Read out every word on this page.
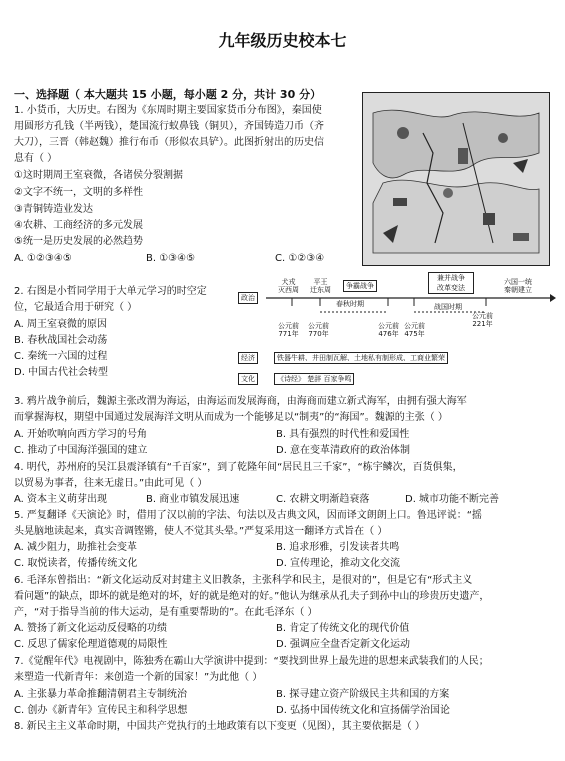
九年级历史校本七
一、选择题（ 本大题共 15 小题，每小题 2 分，共计 30 分）
1. 小货币，大历史。右图为《东周时期主要国家货币分布图》，秦国使
用圆形方孔钱（半两钱），楚国流行蚁鼻钱（铜贝），齐国铸造刀币（齐
大刀），三晋（韩赵魏）推行布币（形似农具铲）。此图折射出的历史信
息有（ ）
①这时期周王室衰微，各诸侯分裂割据
②文字不统一，文明的多样性
③青铜铸造业发达
④农耕、工商经济的多元发展
⑤统一是历史发展的必然趋势
A. ①②③④⑤	B. ①③④⑤	C. ①②③④
2. 右图是小哲同学用于大单元学习的时空定
位，它最适合用于研究（ ）
A. 周王室衰微的原因
B. 春秋战国社会动荡
C. 秦统一六国的过程
D. 中国古代社会转型
政治
经济
文化
犬戎
灭西周
平王
迁东周	争霸战争
兼并战争
改革变法
六国一统
秦朝建立
春秋时期	战国时期
公元前
771年
公元前
770年
公元前
476年
公元前
475年
公元前
221年
铁器牛耕、井田制瓦解、土地私有制形成、工商业繁荣
《诗经》 楚辞 百家争鸣
3. 鸦片战争前后，魏源主张改渭为海运，由海运而发展海商，由海商而建立新式海军，由拥有强大海军
而掌握海权，期望中国通过发展海洋文明从而成为一个能够足以“制夷”的“海国”。魏源的主张（ ）
A. 开始吹响向西方学习的号角	B. 具有强烈的时代性和爱国性
C. 推动了中国海洋强国的建立	D. 意在变革清政府的政治体制
4. 明代，苏州府的吴江县震泽镇有“千百家”，到了乾隆年间“居民且三千家”，“栋宇鳞次，百货俱集，
以贸易为事者，往来无虚日。”由此可见（ ）
A. 资本主义萌芽出现	B. 商业市镇发展迅速	C. 农耕文明渐趋衰落	D. 城市功能不断完善
5. 严复翻译《天演论》时，借用了汉以前的字法、句法以及古典文风，因而译文朗朗上口。鲁迅评说：“摇
头晃脑地读起来，真实音调铿锵，使人不觉其头晕。”严复采用这一翻译方式旨在（ ）
A. 减少阻力，助推社会变革	B. 追求形雅，引发读者共鸣
C. 取悦读者，传播传统文化	D. 宣传理论，推动文化交流
6. 毛泽东曾指出：“新文化运动反对封建主义旧教条，主张科学和民主，是很对的”，但是它有“形式主义
看问题”的缺点，即坏的就是绝对的坏，好的就是绝对的好。”他认为继承从孔夫子到孙中山的珍贵历史遗产，
产，“对于指导当前的伟大运动，是有重要帮助的”。在此毛泽东（ ）
A. 赞扬了新文化运动反侵略的功绩	B. 肯定了传统文化的现代价值
C. 反思了儒家伦理道德观的局限性	D. 强调应全盘否定新文化运动
7.《觉醒年代》电视剧中，陈独秀在霸山大学演讲中提到：“要找到世界上最先进的思想来武装我们的人民；
来塑造一代新青年：来创造一个新的国家！”为此他（ ）
A. 主张暴力革命推翻清朝君主专制统治	B. 探寻建立资产阶级民主共和国的方案
C. 创办《新青年》宣传民主和科学思想	D. 弘扬中国传统文化和宣扬儒学治国论
8. 新民主主义革命时期，中国共产党执行的土地政策有以下变更（见图），其主要依据是（ ）
